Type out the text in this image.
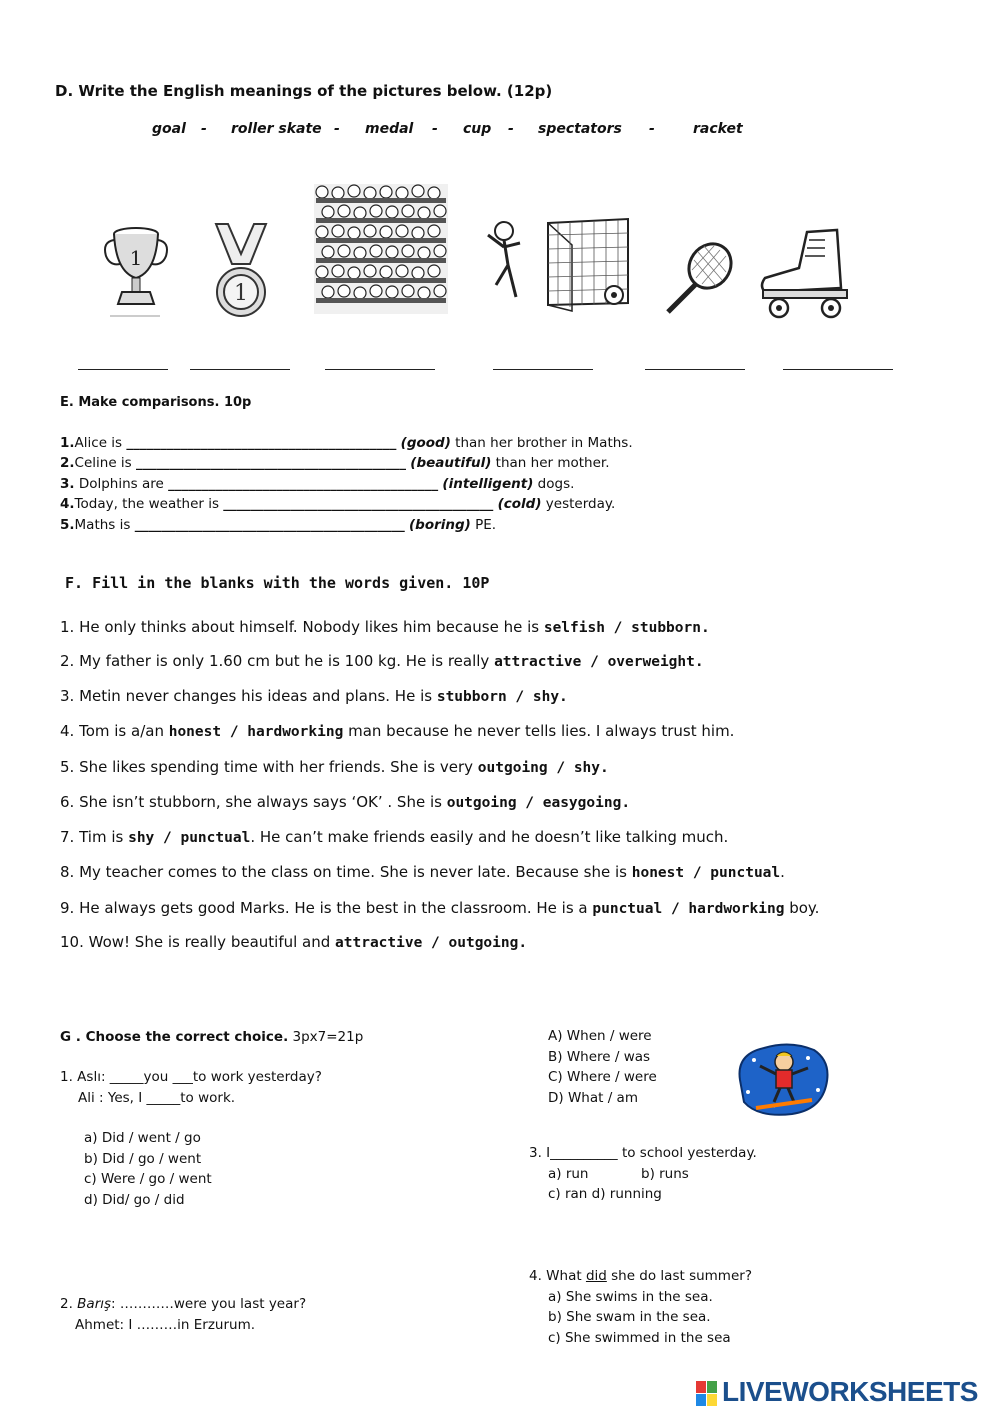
D. Write the English meanings of the pictures below. (12p)
goal - roller skate - medal - cup - spectators -	racket
1
1
E. Make comparisons. 10p
1.Alice is ________________________________________ (good) than her brother in Maths.
2.Celine is ________________________________________ (beautiful) than her mother.
3. Dolphins are ________________________________________ (intelligent) dogs.
4.Today, the weather is ________________________________________ (cold) yesterday.
5.Maths is ________________________________________ (boring) PE.
F. Fill in the blanks with the words given. 10P
1. He only thinks about himself. Nobody likes him because he is selfish / stubborn.
2. My father is only 1.60 cm but he is 100 kg. He is really attractive / overweight.
3. Metin never changes his ideas and plans. He is stubborn / shy.
4. Tom is a/an honest / hardworking man because he never tells lies. I always trust him.
5. She likes spending time with her friends. She is very outgoing / shy.
6. She isn’t stubborn, she always says ‘OK’ . She is outgoing / easygoing.
7. Tim is shy / punctual. He can’t make friends easily and he doesn’t like talking much.
8. My teacher comes to the class on time. She is never late. Because she is honest / punctual.
9. He always gets good Marks. He is the best in the classroom. He is a punctual / hardworking boy.
10. Wow! She is really beautiful and attractive / outgoing.
G . Choose the correct choice. 3px7=21p
1. Aslı: _____you ___to work yesterday?
Ali : Yes, I _____to work.
a) Did / went / go
b) Did / go / went
c) Were / go / went
d) Did/ go / did
2. Barış: …………were you last year?
Ahmet: I ………in Erzurum.
A) When / were
B) Where / was
C) Where / were
D) What / am
3. I__________ to school yesterday.
a) run	b) runs
c) ran d) running
4. What did she do last summer?
a) She swims in the sea.
b) She swam in the sea.
c) She swimmed in the sea
LIVEWORKSHEETS
